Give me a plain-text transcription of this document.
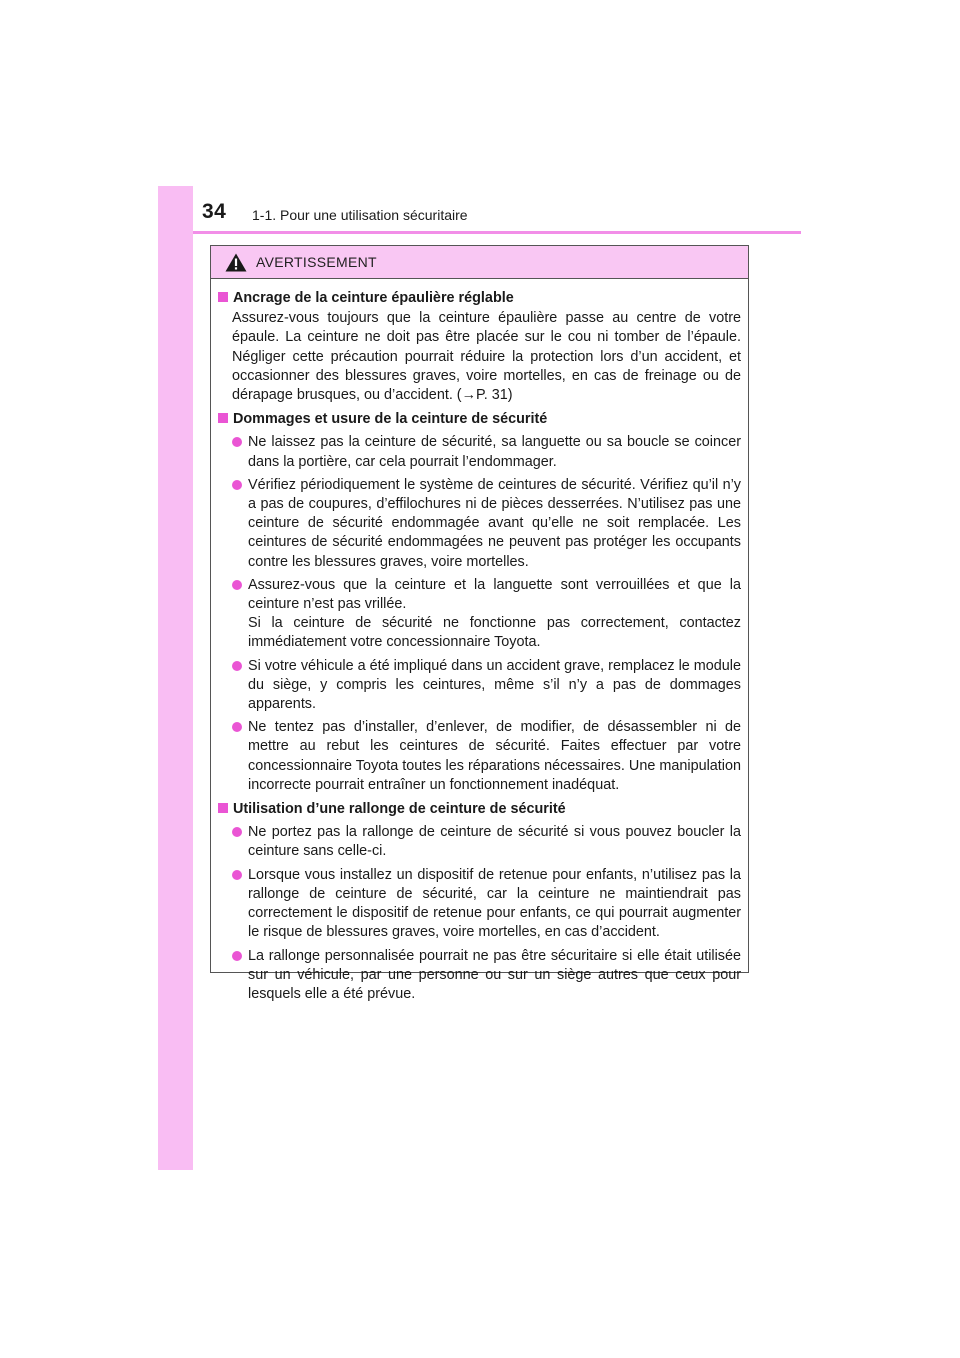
34 1-1. Pour une utilisation sécuritaire
AVERTISSEMENT
Ancrage de la ceinture épaulière réglable
Assurez-vous toujours que la ceinture épaulière passe au centre de votre épaule. La ceinture ne doit pas être placée sur le cou ni tomber de l’épaule. Négliger cette précaution pourrait réduire la protection lors d’un accident, et occasionner des blessures graves, voire mortelles, en cas de freinage ou de dérapage brusques, ou d’accident. (→P. 31)
Dommages et usure de la ceinture de sécurité
Ne laissez pas la ceinture de sécurité, sa languette ou sa boucle se coincer dans la portière, car cela pourrait l’endommager.
Vérifiez périodiquement le système de ceintures de sécurité. Vérifiez qu’il n’y a pas de coupures, d’effilochures ni de pièces desserrées. N’utilisez pas une ceinture de sécurité endommagée avant qu’elle ne soit remplacée. Les ceintures de sécurité endommagées ne peuvent pas protéger les occupants contre les blessures graves, voire mortelles.
Assurez-vous que la ceinture et la languette sont verrouillées et que la ceinture n’est pas vrillée.
Si la ceinture de sécurité ne fonctionne pas correctement, contactez immédiatement votre concessionnaire Toyota.
Si votre véhicule a été impliqué dans un accident grave, remplacez le module du siège, y compris les ceintures, même s’il n’y a pas de dommages apparents.
Ne tentez pas d’installer, d’enlever, de modifier, de désassembler ni de mettre au rebut les ceintures de sécurité. Faites effectuer par votre concessionnaire Toyota toutes les réparations nécessaires. Une manipulation incorrecte pourrait entraîner un fonctionnement inadéquat.
Utilisation d’une rallonge de ceinture de sécurité
Ne portez pas la rallonge de ceinture de sécurité si vous pouvez boucler la ceinture sans celle-ci.
Lorsque vous installez un dispositif de retenue pour enfants, n’utilisez pas la rallonge de ceinture de sécurité, car la ceinture ne maintiendrait pas correctement le dispositif de retenue pour enfants, ce qui pourrait augmenter le risque de blessures graves, voire mortelles, en cas d’accident.
La rallonge personnalisée pourrait ne pas être sécuritaire si elle était utilisée sur un véhicule, par une personne ou sur un siège autres que ceux pour lesquels elle a été prévue.
